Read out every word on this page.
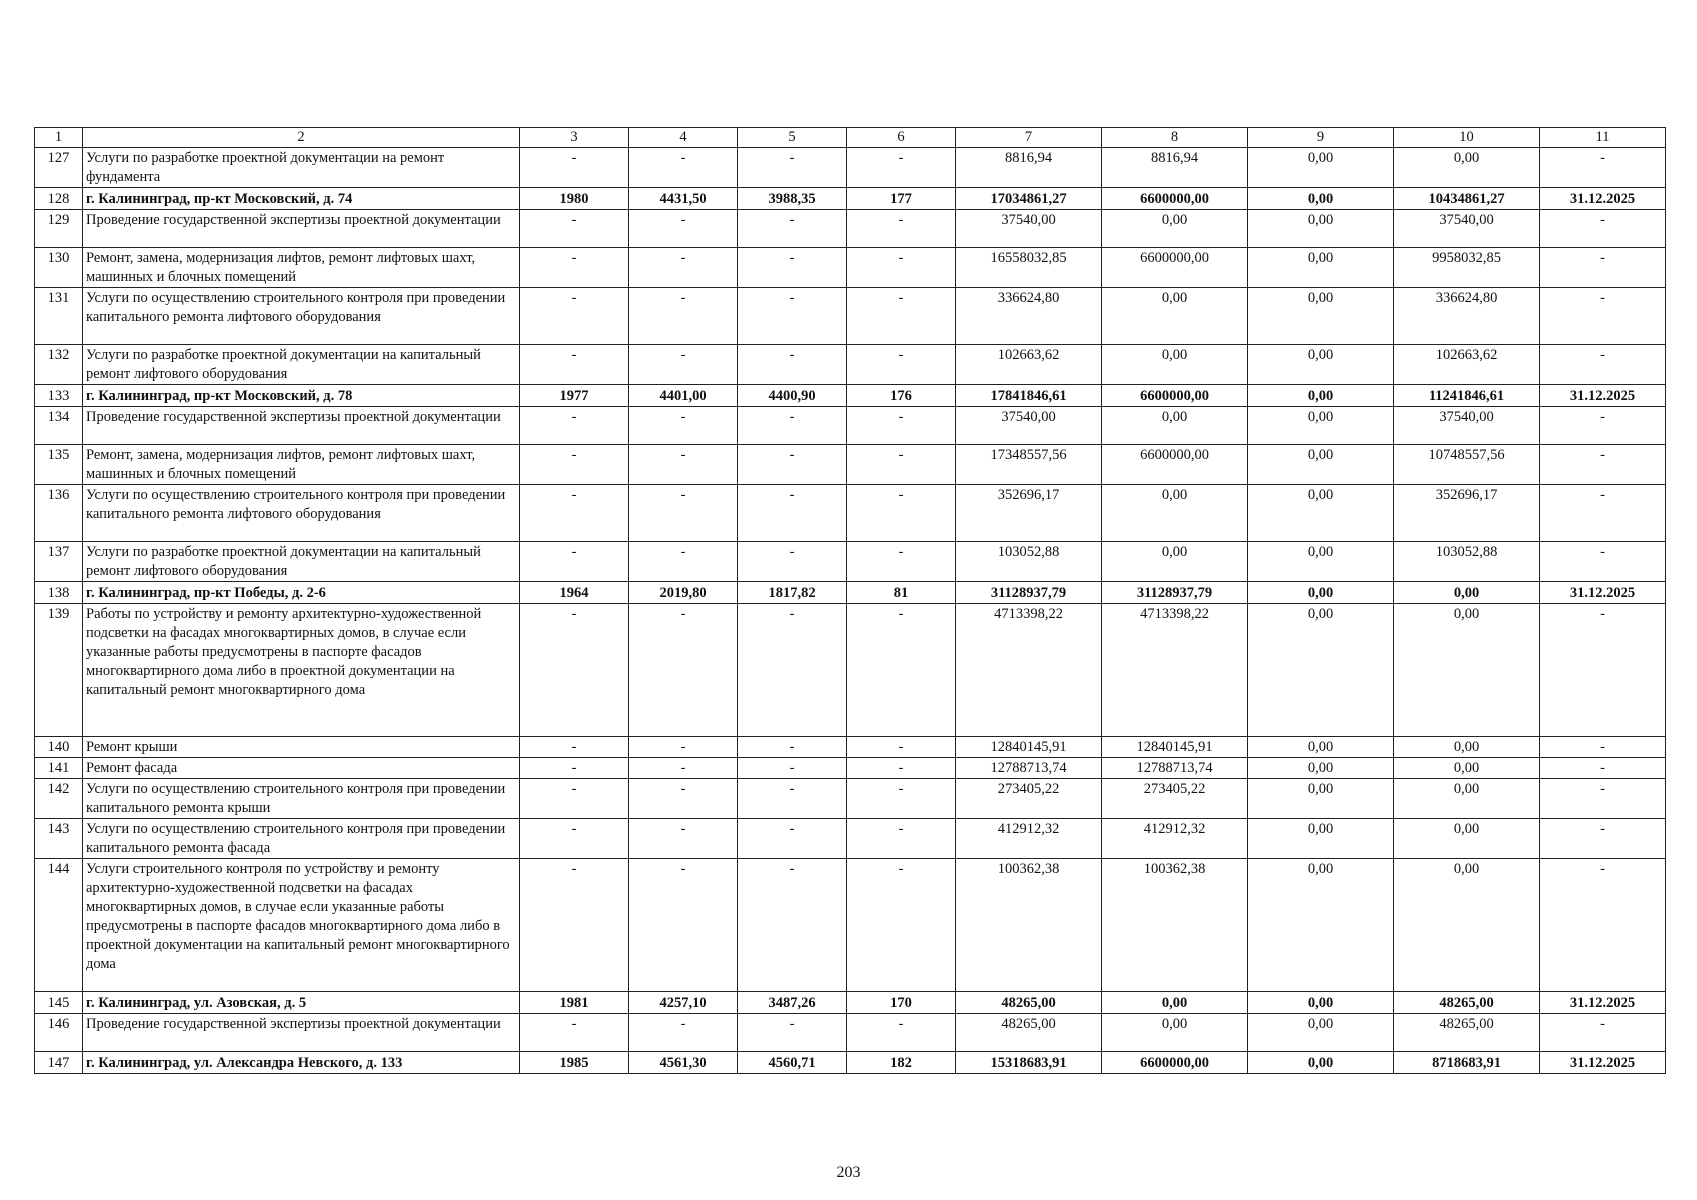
1	2	3	4	5	6	7	8	9	10	11
127	Услуги по разработке проектной документации на ремонт фундамента	-	-	-	-	8816,94	8816,94	0,00	0,00	-
128	г. Калининград, пр-кт Московский, д. 74	1980	4431,50	3988,35	177	17034861,27	6600000,00	0,00	10434861,27	31.12.2025
129	Проведение государственной экспертизы проектной документации	-	-	-	-	37540,00	0,00	0,00	37540,00	-
130	Ремонт, замена, модернизация лифтов, ремонт лифтовых шахт, машинных и блочных помещений	-	-	-	-	16558032,85	6600000,00	0,00	9958032,85	-
131	Услуги по осуществлению строительного контроля при проведении капитального ремонта лифтового оборудования	-	-	-	-	336624,80	0,00	0,00	336624,80	-
132	Услуги по разработке проектной документации на капитальный ремонт лифтового оборудования	-	-	-	-	102663,62	0,00	0,00	102663,62	-
133	г. Калининград, пр-кт Московский, д. 78	1977	4401,00	4400,90	176	17841846,61	6600000,00	0,00	11241846,61	31.12.2025
134	Проведение государственной экспертизы проектной документации	-	-	-	-	37540,00	0,00	0,00	37540,00	-
135	Ремонт, замена, модернизация лифтов, ремонт лифтовых шахт, машинных и блочных помещений	-	-	-	-	17348557,56	6600000,00	0,00	10748557,56	-
136	Услуги по осуществлению строительного контроля при проведении капитального ремонта лифтового оборудования	-	-	-	-	352696,17	0,00	0,00	352696,17	-
137	Услуги по разработке проектной документации на капитальный ремонт лифтового оборудования	-	-	-	-	103052,88	0,00	0,00	103052,88	-
138	г. Калининград, пр-кт Победы, д. 2-6	1964	2019,80	1817,82	81	31128937,79	31128937,79	0,00	0,00	31.12.2025
139	Работы по устройству и ремонту архитектурно-художественной подсветки на фасадах многоквартирных домов, в случае если указанные работы предусмотрены в паспорте фасадов многоквартирного дома либо в проектной документации на капитальный ремонт многоквартирного дома	-	-	-	-	4713398,22	4713398,22	0,00	0,00	-
140	Ремонт крыши	-	-	-	-	12840145,91	12840145,91	0,00	0,00	-
141	Ремонт фасада	-	-	-	-	12788713,74	12788713,74	0,00	0,00	-
142	Услуги по осуществлению строительного контроля при проведении капитального ремонта крыши	-	-	-	-	273405,22	273405,22	0,00	0,00	-
143	Услуги по осуществлению строительного контроля при проведении капитального ремонта фасада	-	-	-	-	412912,32	412912,32	0,00	0,00	-
144	Услуги строительного контроля по устройству и ремонту архитектурно-художественной подсветки на фасадах многоквартирных домов, в случае если указанные работы предусмотрены в паспорте фасадов многоквартирного дома либо в проектной документации на капитальный ремонт многоквартирного дома	-	-	-	-	100362,38	100362,38	0,00	0,00	-
145	г. Калининград, ул. Азовская, д. 5	1981	4257,10	3487,26	170	48265,00	0,00	0,00	48265,00	31.12.2025
146	Проведение государственной экспертизы проектной документации	-	-	-	-	48265,00	0,00	0,00	48265,00	-
147	г. Калининград, ул. Александра Невского, д. 133	1985	4561,30	4560,71	182	15318683,91	6600000,00	0,00	8718683,91	31.12.2025
203
